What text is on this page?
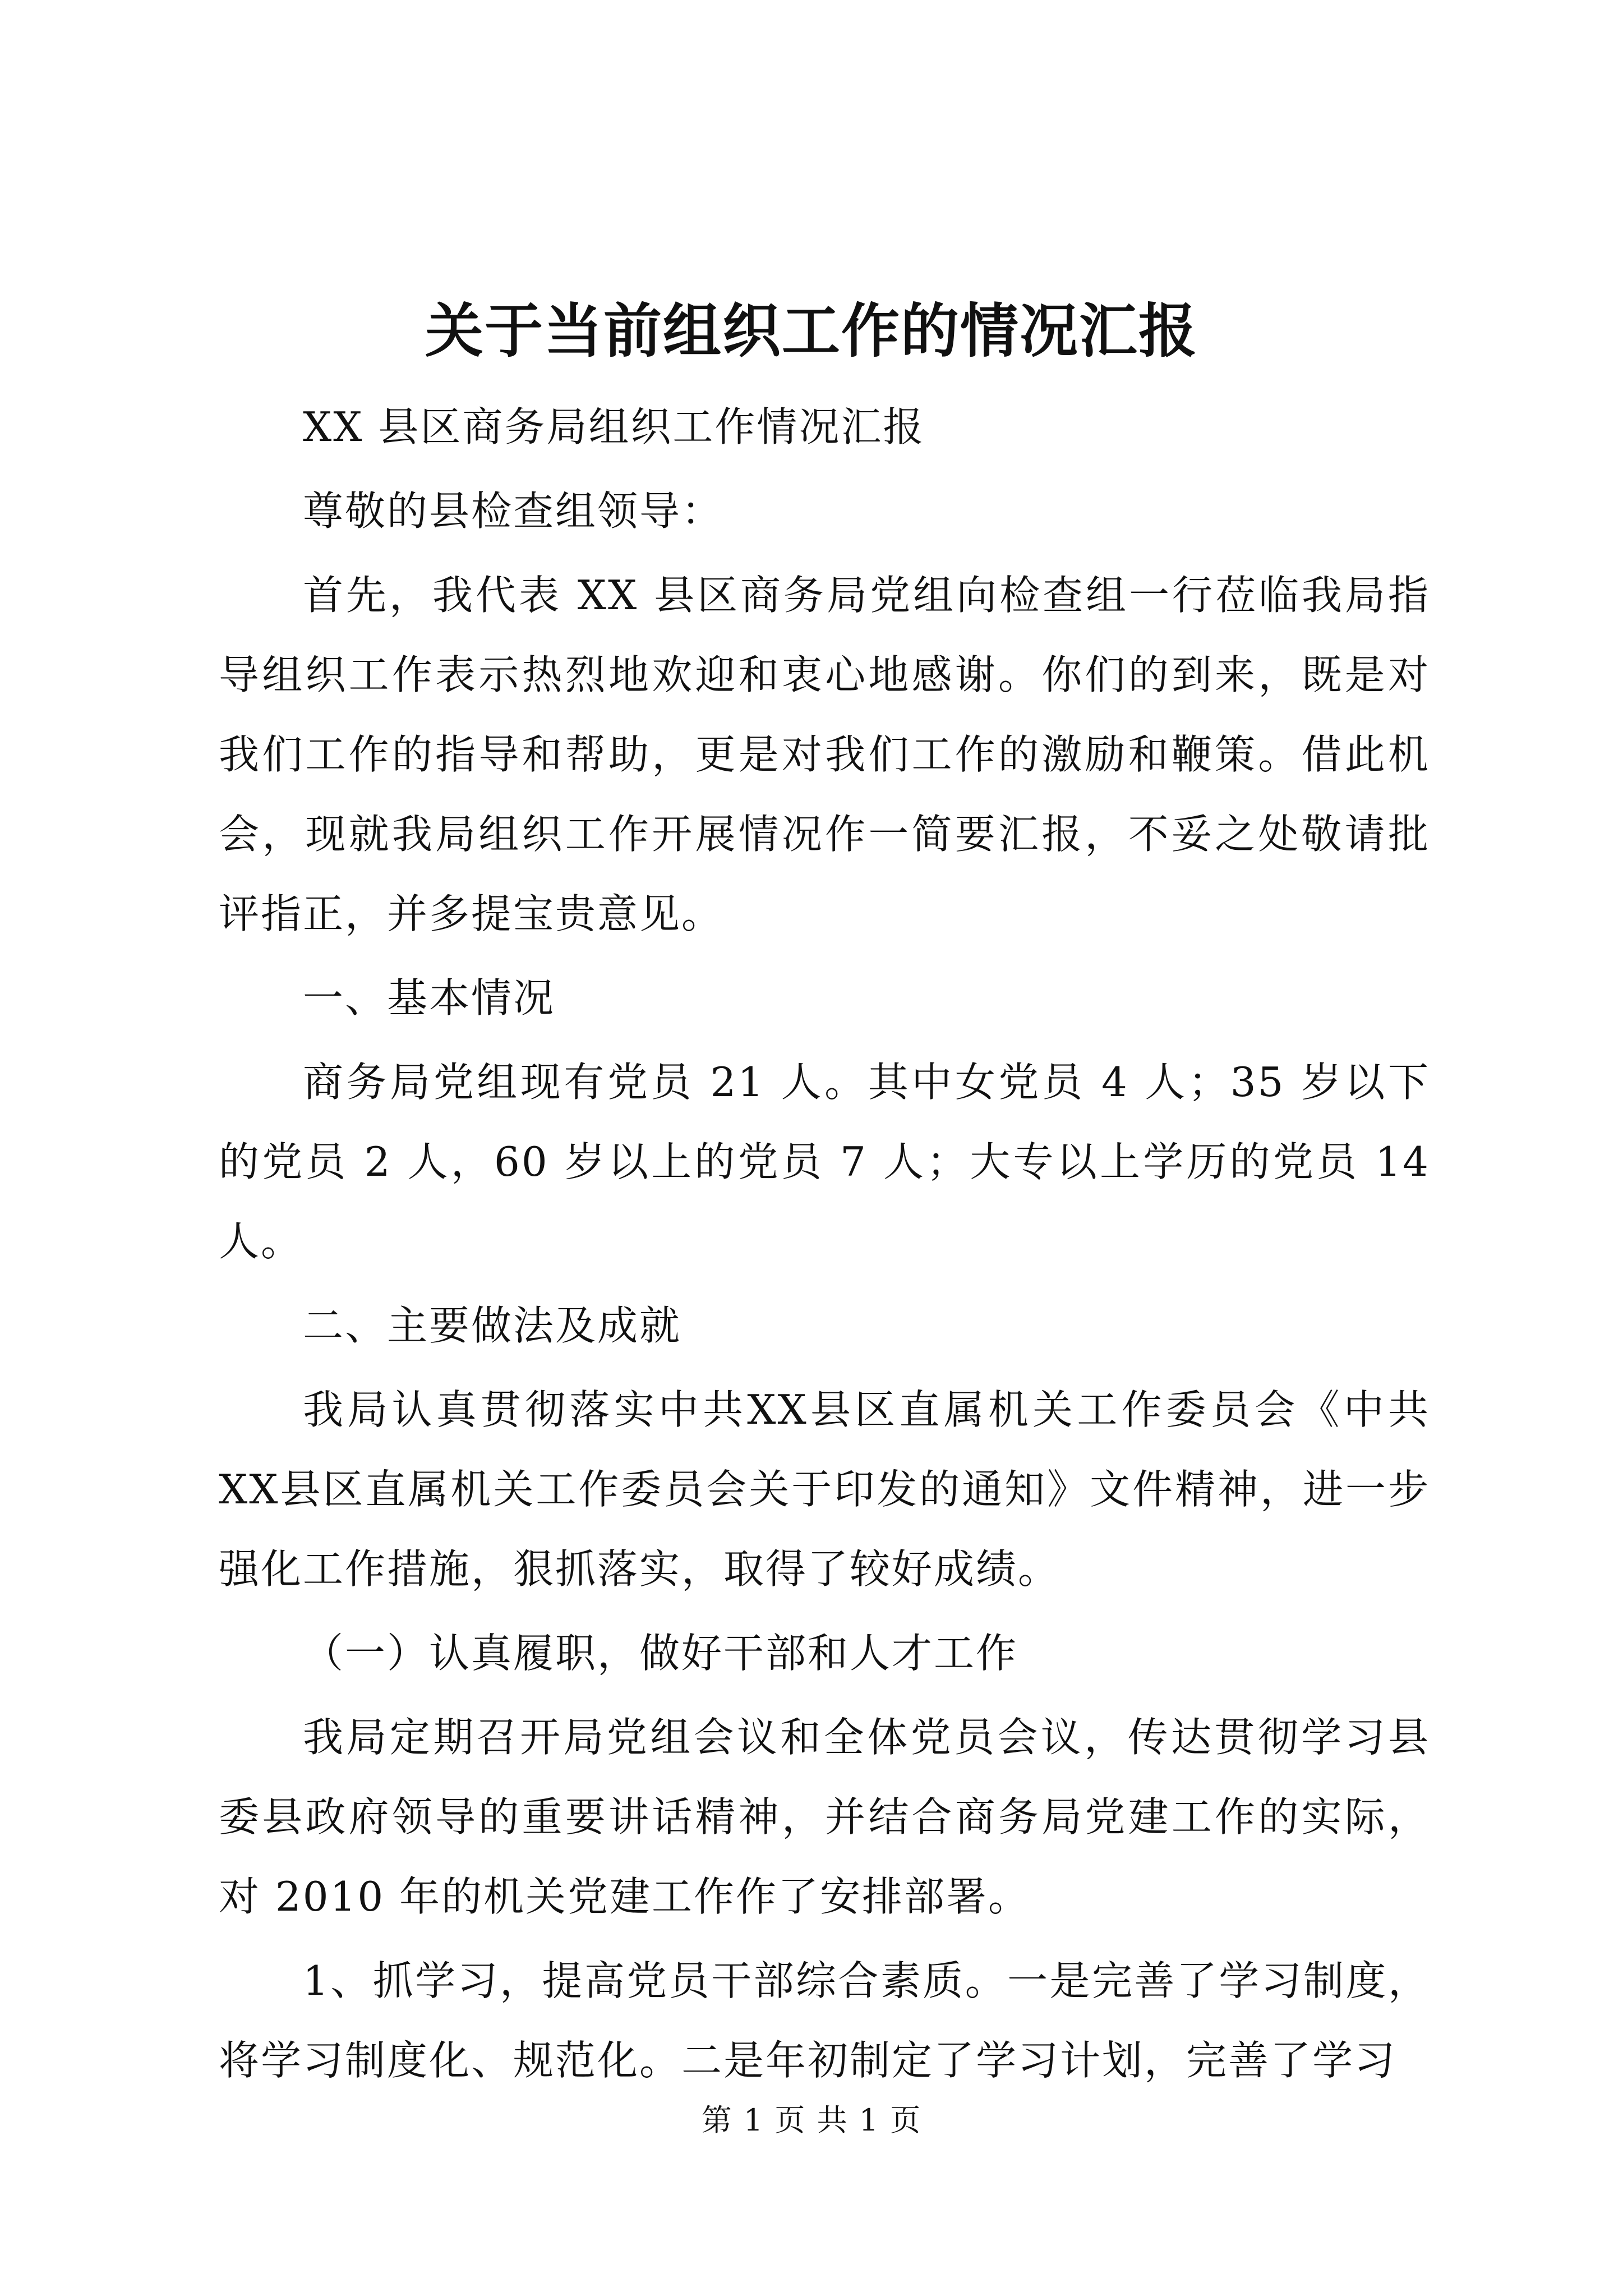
关于当前组织工作的情况汇报

XX 县区商务局组织工作情况汇报

尊敬的县检查组领导：

首先，我代表 XX 县区商务局党组向检查组一行莅临我局指导组织工作表示热烈地欢迎和衷心地感谢。你们的到来，既是对我们工作的指导和帮助，更是对我们工作的激励和鞭策。借此机会，现就我局组织工作开展情况作一简要汇报，不妥之处敬请批评指正，并多提宝贵意见。

一、基本情况

商务局党组现有党员 21 人。其中女党员 4 人；35 岁以下的党员 2 人，60 岁以上的党员 7 人；大专以上学历的党员 14 人。

二、主要做法及成就

我局认真贯彻落实中共XX县区直属机关工作委员会《中共XX县区直属机关工作委员会关于印发的通知》文件精神，进一步强化工作措施，狠抓落实，取得了较好成绩。

（一）认真履职，做好干部和人才工作

我局定期召开局党组会议和全体党员会议，传达贯彻学习县委县政府领导的重要讲话精神，并结合商务局党建工作的实际，对 2010 年的机关党建工作作了安排部署。

1、抓学习，提高党员干部综合素质。一是完善了学习制度，将学习制度化、规范化。二是年初制定了学习计划，完善了学习

第 1 页 共 1 页
